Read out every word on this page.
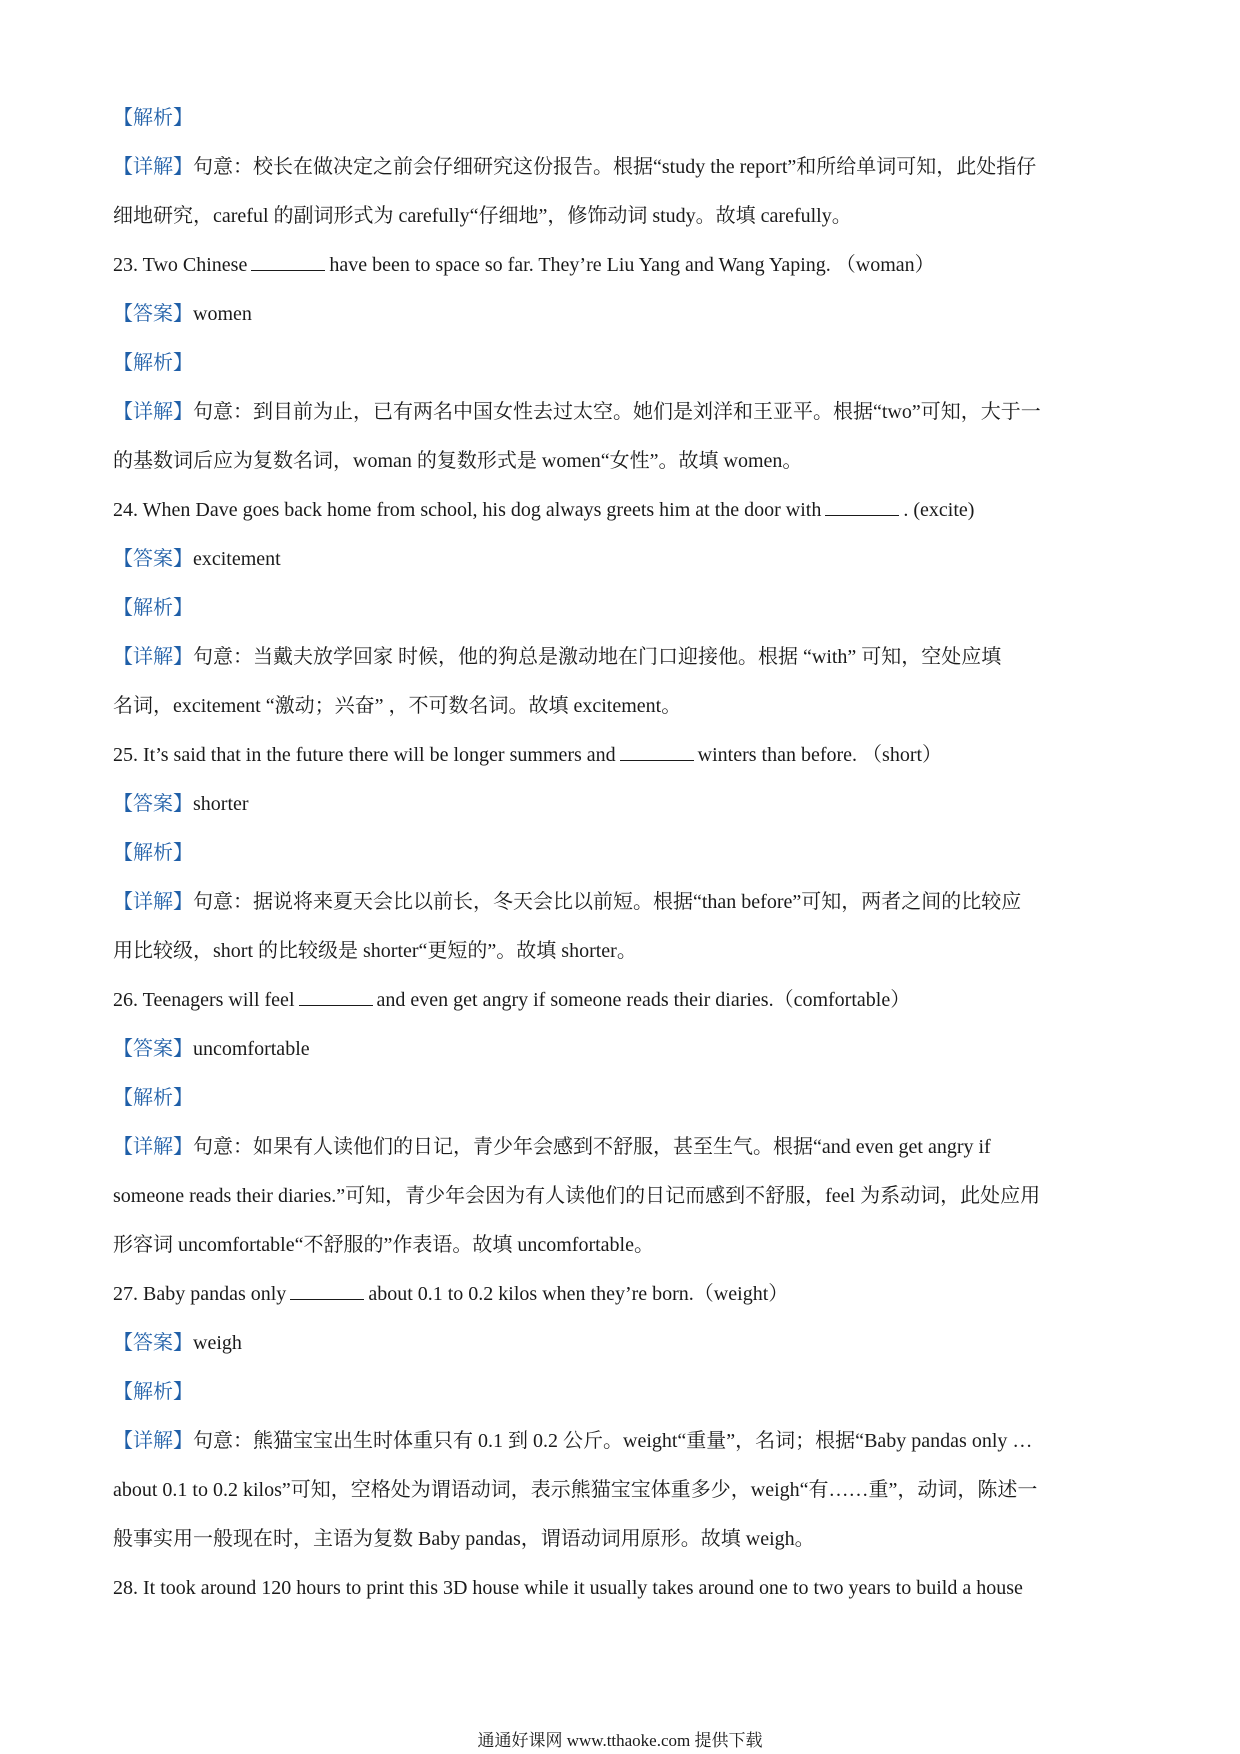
【解析】
【详解】句意：校长在做决定之前会仔细研究这份报告。根据“study the report”和所给单词可知，此处指仔
细地研究，careful 的副词形式为 carefully“仔细地”，修饰动词 study。故填 carefully。
23. Two Chinese	have been to space so far. They’re Liu Yang and Wang Yaping. （woman）
【答案】women
【解析】
【详解】句意：到目前为止，已有两名中国女性去过太空。她们是刘洋和王亚平。根据“two”可知，大于一
的基数词后应为复数名词，woman 的复数形式是 women“女性”。故填 women。
24. When Dave goes back home from school, his dog always greets him at the door with	. (excite)
【答案】excitement
【解析】
【详解】句意：当戴夫放学回家 时候，他的狗总是激动地在门口迎接他。根据 “with” 可知，空处应填
名词，excitement “激动；兴奋” ，不可数名词。故填 excitement。
25. It’s said that in the future there will be longer summers and	winters than before. （short）
【答案】shorter
【解析】
【详解】句意：据说将来夏天会比以前长，冬天会比以前短。根据“than before”可知，两者之间的比较应
用比较级，short 的比较级是 shorter“更短的”。故填 shorter。
26. Teenagers will feel	and even get angry if someone reads their diaries.（comfortable）
【答案】uncomfortable
【解析】
【详解】句意：如果有人读他们的日记，青少年会感到不舒服，甚至生气。根据“and even get angry if
someone reads their diaries.”可知，青少年会因为有人读他们的日记而感到不舒服，feel 为系动词，此处应用
形容词 uncomfortable“不舒服的”作表语。故填 uncomfortable。
27. Baby pandas only	about 0.1 to 0.2 kilos when they’re born.（weight）
【答案】weigh
【解析】
【详解】句意：熊猫宝宝出生时体重只有 0.1 到 0.2 公斤。weight“重量”，名词；根据“Baby pandas only …
about 0.1 to 0.2 kilos”可知，空格处为谓语动词，表示熊猫宝宝体重多少，weigh“有……重”，动词，陈述一
般事实用一般现在时，主语为复数 Baby pandas，谓语动词用原形。故填 weigh。
28. It took around 120 hours to print this 3D house while it usually takes around one to two years to build a house
通通好课网 www.tthaoke.com 提供下载
